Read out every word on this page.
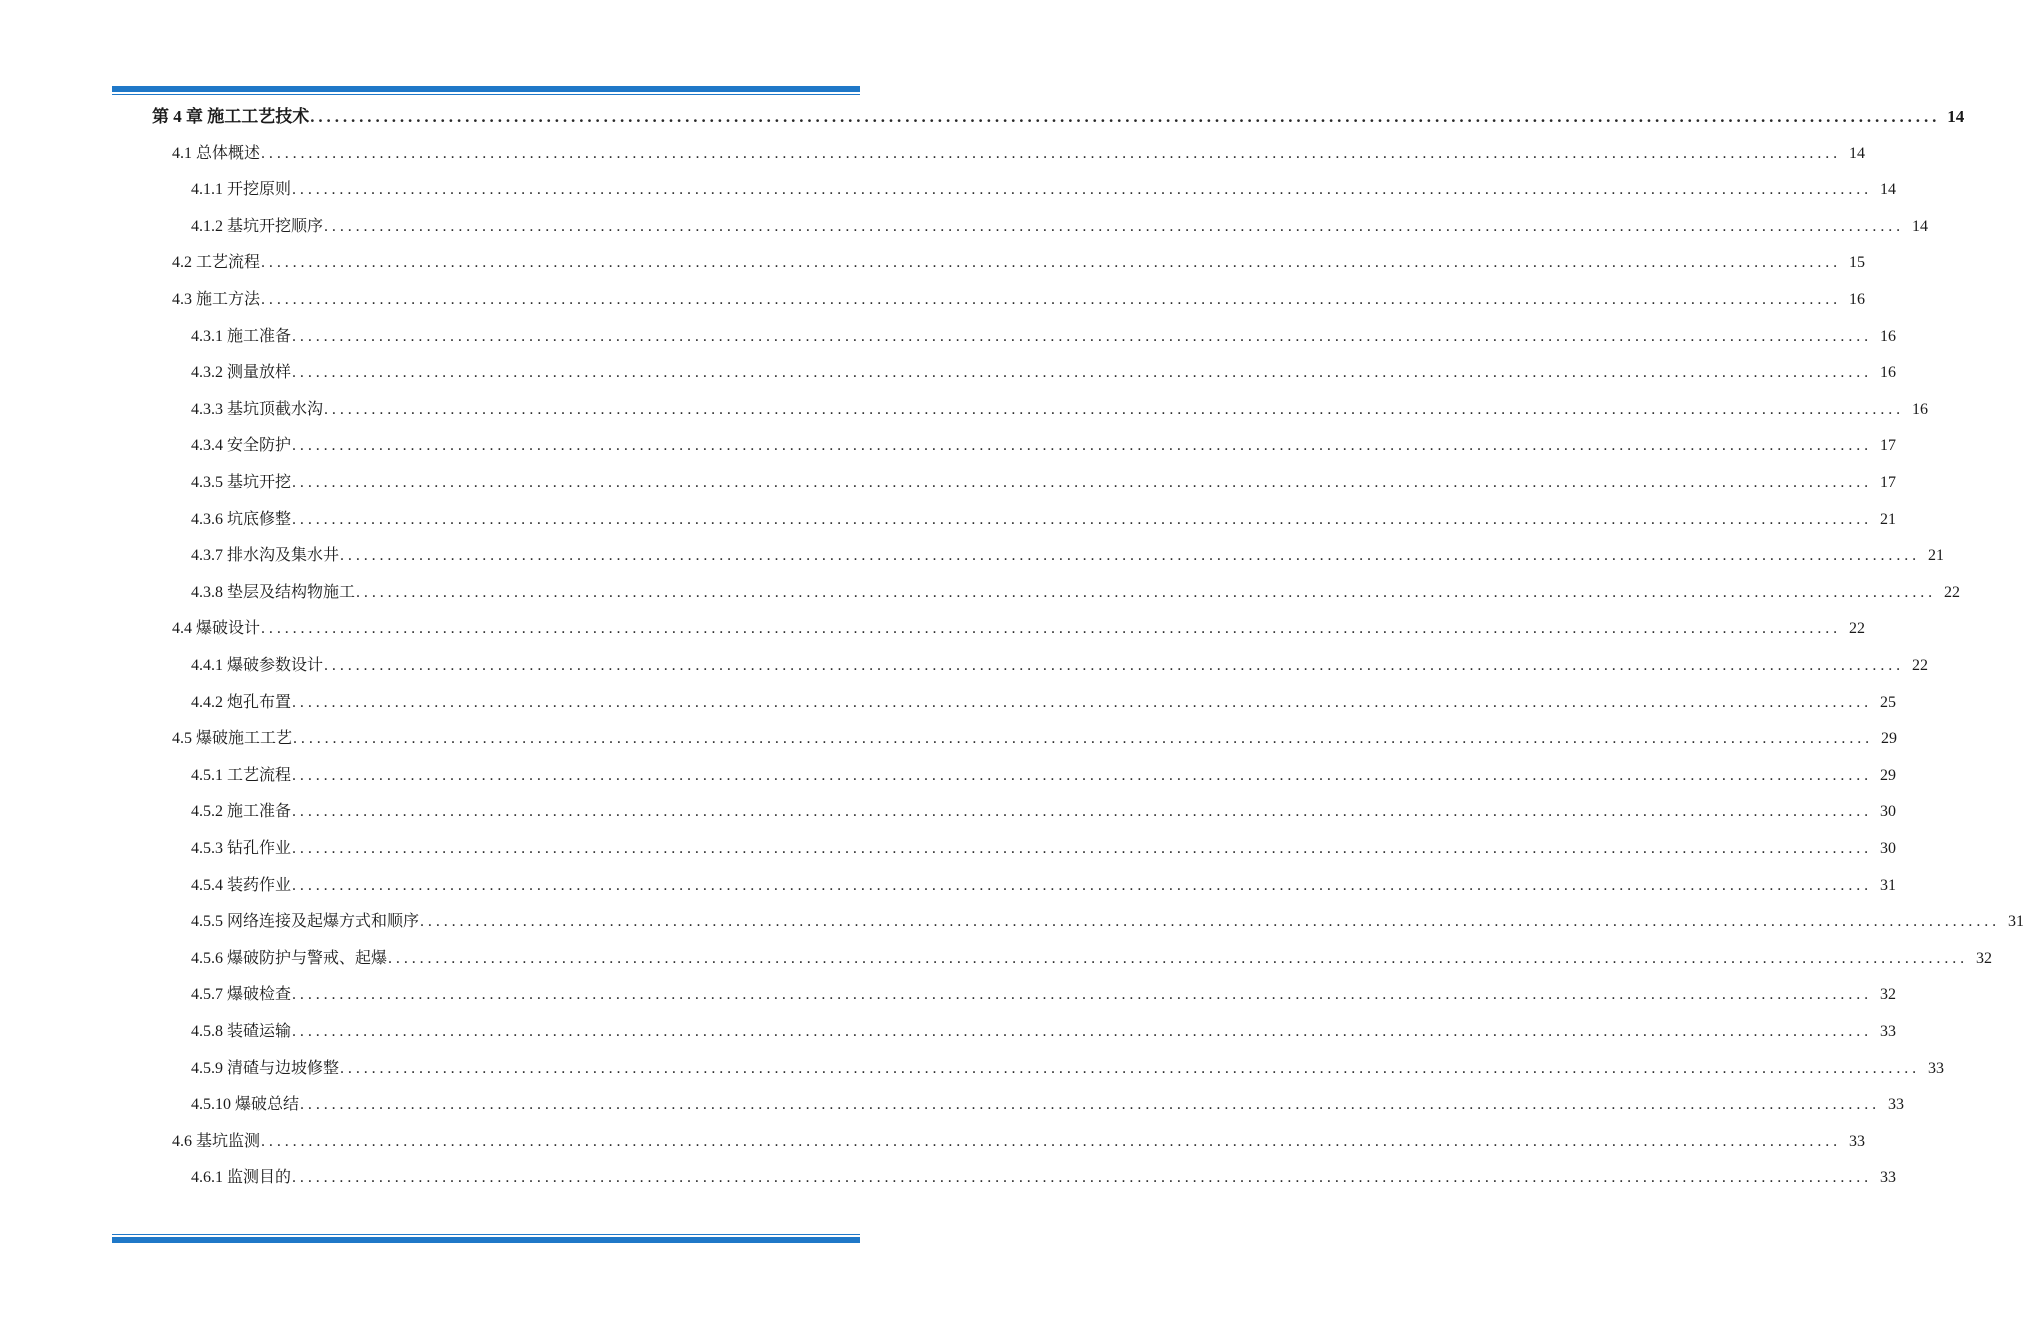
第 4 章 施工工艺技术 ........................................................................................................................................................................................................ 14
4.1 总体概述 ........................................................................................................................................................................................................ 14
4.1.1 开挖原则 ........................................................................................................................................................................................................ 14
4.1.2 基坑开挖顺序 ........................................................................................................................................................................................................ 14
4.2 工艺流程 ........................................................................................................................................................................................................ 15
4.3 施工方法 ........................................................................................................................................................................................................ 16
4.3.1 施工准备 ........................................................................................................................................................................................................ 16
4.3.2 测量放样 ........................................................................................................................................................................................................ 16
4.3.3 基坑顶截水沟 ........................................................................................................................................................................................................ 16
4.3.4 安全防护 ........................................................................................................................................................................................................ 17
4.3.5 基坑开挖 ........................................................................................................................................................................................................ 17
4.3.6 坑底修整 ........................................................................................................................................................................................................ 21
4.3.7 排水沟及集水井 ........................................................................................................................................................................................................ 21
4.3.8 垫层及结构物施工 ........................................................................................................................................................................................................ 22
4.4 爆破设计 ........................................................................................................................................................................................................ 22
4.4.1 爆破参数设计 ........................................................................................................................................................................................................ 22
4.4.2 炮孔布置 ........................................................................................................................................................................................................ 25
4.5 爆破施工工艺 ........................................................................................................................................................................................................ 29
4.5.1 工艺流程 ........................................................................................................................................................................................................ 29
4.5.2 施工准备 ........................................................................................................................................................................................................ 30
4.5.3 钻孔作业 ........................................................................................................................................................................................................ 30
4.5.4 装药作业 ........................................................................................................................................................................................................ 31
4.5.5 网络连接及起爆方式和顺序 ........................................................................................................................................................................................................ 31
4.5.6 爆破防护与警戒、起爆 ........................................................................................................................................................................................................ 32
4.5.7 爆破检查 ........................................................................................................................................................................................................ 32
4.5.8 装碴运输 ........................................................................................................................................................................................................ 33
4.5.9 清碴与边坡修整 ........................................................................................................................................................................................................ 33
4.5.10 爆破总结 ........................................................................................................................................................................................................ 33
4.6 基坑监测 ........................................................................................................................................................................................................ 33
4.6.1 监测目的 ........................................................................................................................................................................................................ 33
